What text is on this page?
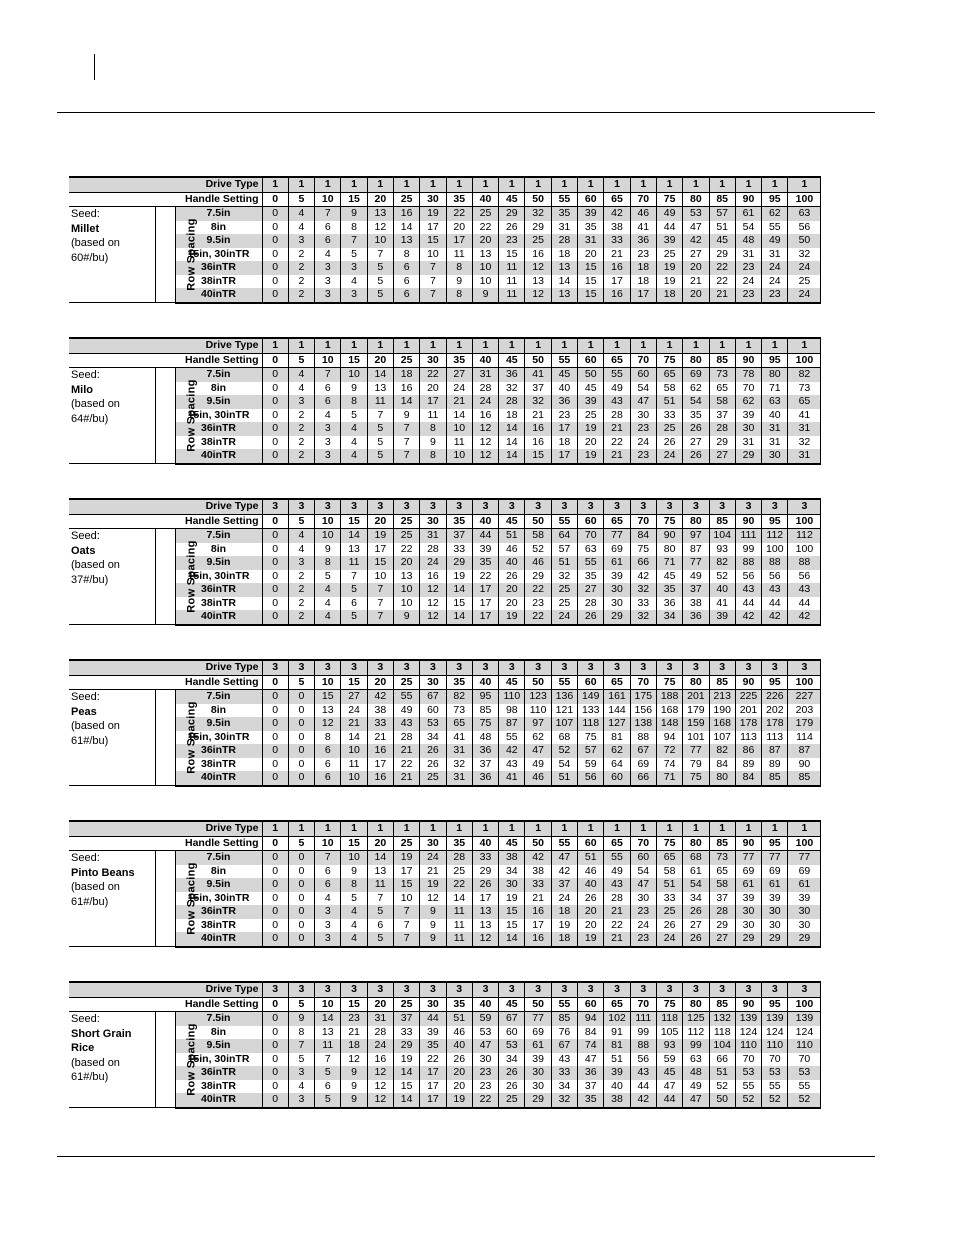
		Drive Type	1	1	1	1	1	1	1	1	1	1	1	1	1	1	1	1	1	1	1	1	1
		Handle Setting	0	5	10	15	20	25	30	35	40	45	50	55	60	65	70	75	80	85	90	95	100

Seed:
Millet
(based on
60#/bu)	Row Spacing	7.5in	0	4	7	9	13	16	19	22	25	29	32	35	39	42	46	49	53	57	61	62	63
		8in	0	4	6	8	12	14	17	20	22	26	29	31	35	38	41	44	47	51	54	55	56
		9.5in	0	3	6	7	10	13	15	17	20	23	25	28	31	33	36	39	42	45	48	49	50
		15in, 30inTR	0	2	4	5	7	8	10	11	13	15	16	18	20	21	23	25	27	29	31	31	32
		36inTR	0	2	3	3	5	6	7	8	10	11	12	13	15	16	18	19	20	22	23	24	24
		38inTR	0	2	3	4	5	6	7	9	10	11	13	14	15	17	18	19	21	22	24	24	25
		40inTR	0	2	3	3	5	6	7	8	9	11	12	13	15	16	17	18	20	21	23	23	24
		Drive Type	1	1	1	1	1	1	1	1	1	1	1	1	1	1	1	1	1	1	1	1	1
		Handle Setting	0	5	10	15	20	25	30	35	40	45	50	55	60	65	70	75	80	85	90	95	100

Seed:
Milo
(based on
64#/bu)	Row Spacing	7.5in	0	4	7	10	14	18	22	27	31	36	41	45	50	55	60	65	69	73	78	80	82
		8in	0	4	6	9	13	16	20	24	28	32	37	40	45	49	54	58	62	65	70	71	73
		9.5in	0	3	6	8	11	14	17	21	24	28	32	36	39	43	47	51	54	58	62	63	65
		15in, 30inTR	0	2	4	5	7	9	11	14	16	18	21	23	25	28	30	33	35	37	39	40	41
		36inTR	0	2	3	4	5	7	8	10	12	14	16	17	19	21	23	25	26	28	30	31	31
		38inTR	0	2	3	4	5	7	9	11	12	14	16	18	20	22	24	26	27	29	31	31	32
		40inTR	0	2	3	4	5	7	8	10	12	14	15	17	19	21	23	24	26	27	29	30	31
		Drive Type	3	3	3	3	3	3	3	3	3	3	3	3	3	3	3	3	3	3	3	3	3
		Handle Setting	0	5	10	15	20	25	30	35	40	45	50	55	60	65	70	75	80	85	90	95	100

Seed:
Oats
(based on
37#/bu)	Row Spacing	7.5in	0	4	10	14	19	25	31	37	44	51	58	64	70	77	84	90	97	104	111	112	112
		8in	0	4	9	13	17	22	28	33	39	46	52	57	63	69	75	80	87	93	99	100	100
		9.5in	0	3	8	11	15	20	24	29	35	40	46	51	55	61	66	71	77	82	88	88	88
		15in, 30inTR	0	2	5	7	10	13	16	19	22	26	29	32	35	39	42	45	49	52	56	56	56
		36inTR	0	2	4	5	7	10	12	14	17	20	22	25	27	30	32	35	37	40	43	43	43
		38inTR	0	2	4	6	7	10	12	15	17	20	23	25	28	30	33	36	38	41	44	44	44
		40inTR	0	2	4	5	7	9	12	14	17	19	22	24	26	29	32	34	36	39	42	42	42
		Drive Type	3	3	3	3	3	3	3	3	3	3	3	3	3	3	3	3	3	3	3	3	3
		Handle Setting	0	5	10	15	20	25	30	35	40	45	50	55	60	65	70	75	80	85	90	95	100

Seed:
Peas
(based on
61#/bu)	Row Spacing	7.5in	0	0	15	27	42	55	67	82	95	110	123	136	149	161	175	188	201	213	225	226	227
		8in	0	0	13	24	38	49	60	73	85	98	110	121	133	144	156	168	179	190	201	202	203
		9.5in	0	0	12	21	33	43	53	65	75	87	97	107	118	127	138	148	159	168	178	178	179
		15in, 30inTR	0	0	8	14	21	28	34	41	48	55	62	68	75	81	88	94	101	107	113	113	114
		36inTR	0	0	6	10	16	21	26	31	36	42	47	52	57	62	67	72	77	82	86	87	87
		38inTR	0	0	6	11	17	22	26	32	37	43	49	54	59	64	69	74	79	84	89	89	90
		40inTR	0	0	6	10	16	21	25	31	36	41	46	51	56	60	66	71	75	80	84	85	85
		Drive Type	1	1	1	1	1	1	1	1	1	1	1	1	1	1	1	1	1	1	1	1	1
		Handle Setting	0	5	10	15	20	25	30	35	40	45	50	55	60	65	70	75	80	85	90	95	100

Seed:
Pinto Beans
(based on
61#/bu)	Row Spacing	7.5in	0	0	7	10	14	19	24	28	33	38	42	47	51	55	60	65	68	73	77	77	77
		8in	0	0	6	9	13	17	21	25	29	34	38	42	46	49	54	58	61	65	69	69	69
		9.5in	0	0	6	8	11	15	19	22	26	30	33	37	40	43	47	51	54	58	61	61	61
		15in, 30inTR	0	0	4	5	7	10	12	14	17	19	21	24	26	28	30	33	34	37	39	39	39
		36inTR	0	0	3	4	5	7	9	11	13	15	16	18	20	21	23	25	26	28	30	30	30
		38inTR	0	0	3	4	6	7	9	11	13	15	17	19	20	22	24	26	27	29	30	30	30
		40inTR	0	0	3	4	5	7	9	11	12	14	16	18	19	21	23	24	26	27	29	29	29
		Drive Type	3	3	3	3	3	3	3	3	3	3	3	3	3	3	3	3	3	3	3	3	3
		Handle Setting	0	5	10	15	20	25	30	35	40	45	50	55	60	65	70	75	80	85	90	95	100

Seed:
Short Grain
Rice
(based on
61#/bu)	Row Spacing	7.5in	0	9	14	23	31	37	44	51	59	67	77	85	94	102	111	118	125	132	139	139	139
		8in	0	8	13	21	28	33	39	46	53	60	69	76	84	91	99	105	112	118	124	124	124
		9.5in	0	7	11	18	24	29	35	40	47	53	61	67	74	81	88	93	99	104	110	110	110
		15in, 30inTR	0	5	7	12	16	19	22	26	30	34	39	43	47	51	56	59	63	66	70	70	70
		36inTR	0	3	5	9	12	14	17	20	23	26	30	33	36	39	43	45	48	51	53	53	53
		38inTR	0	4	6	9	12	15	17	20	23	26	30	34	37	40	44	47	49	52	55	55	55
		40inTR	0	3	5	9	12	14	17	19	22	25	29	32	35	38	42	44	47	50	52	52	52
